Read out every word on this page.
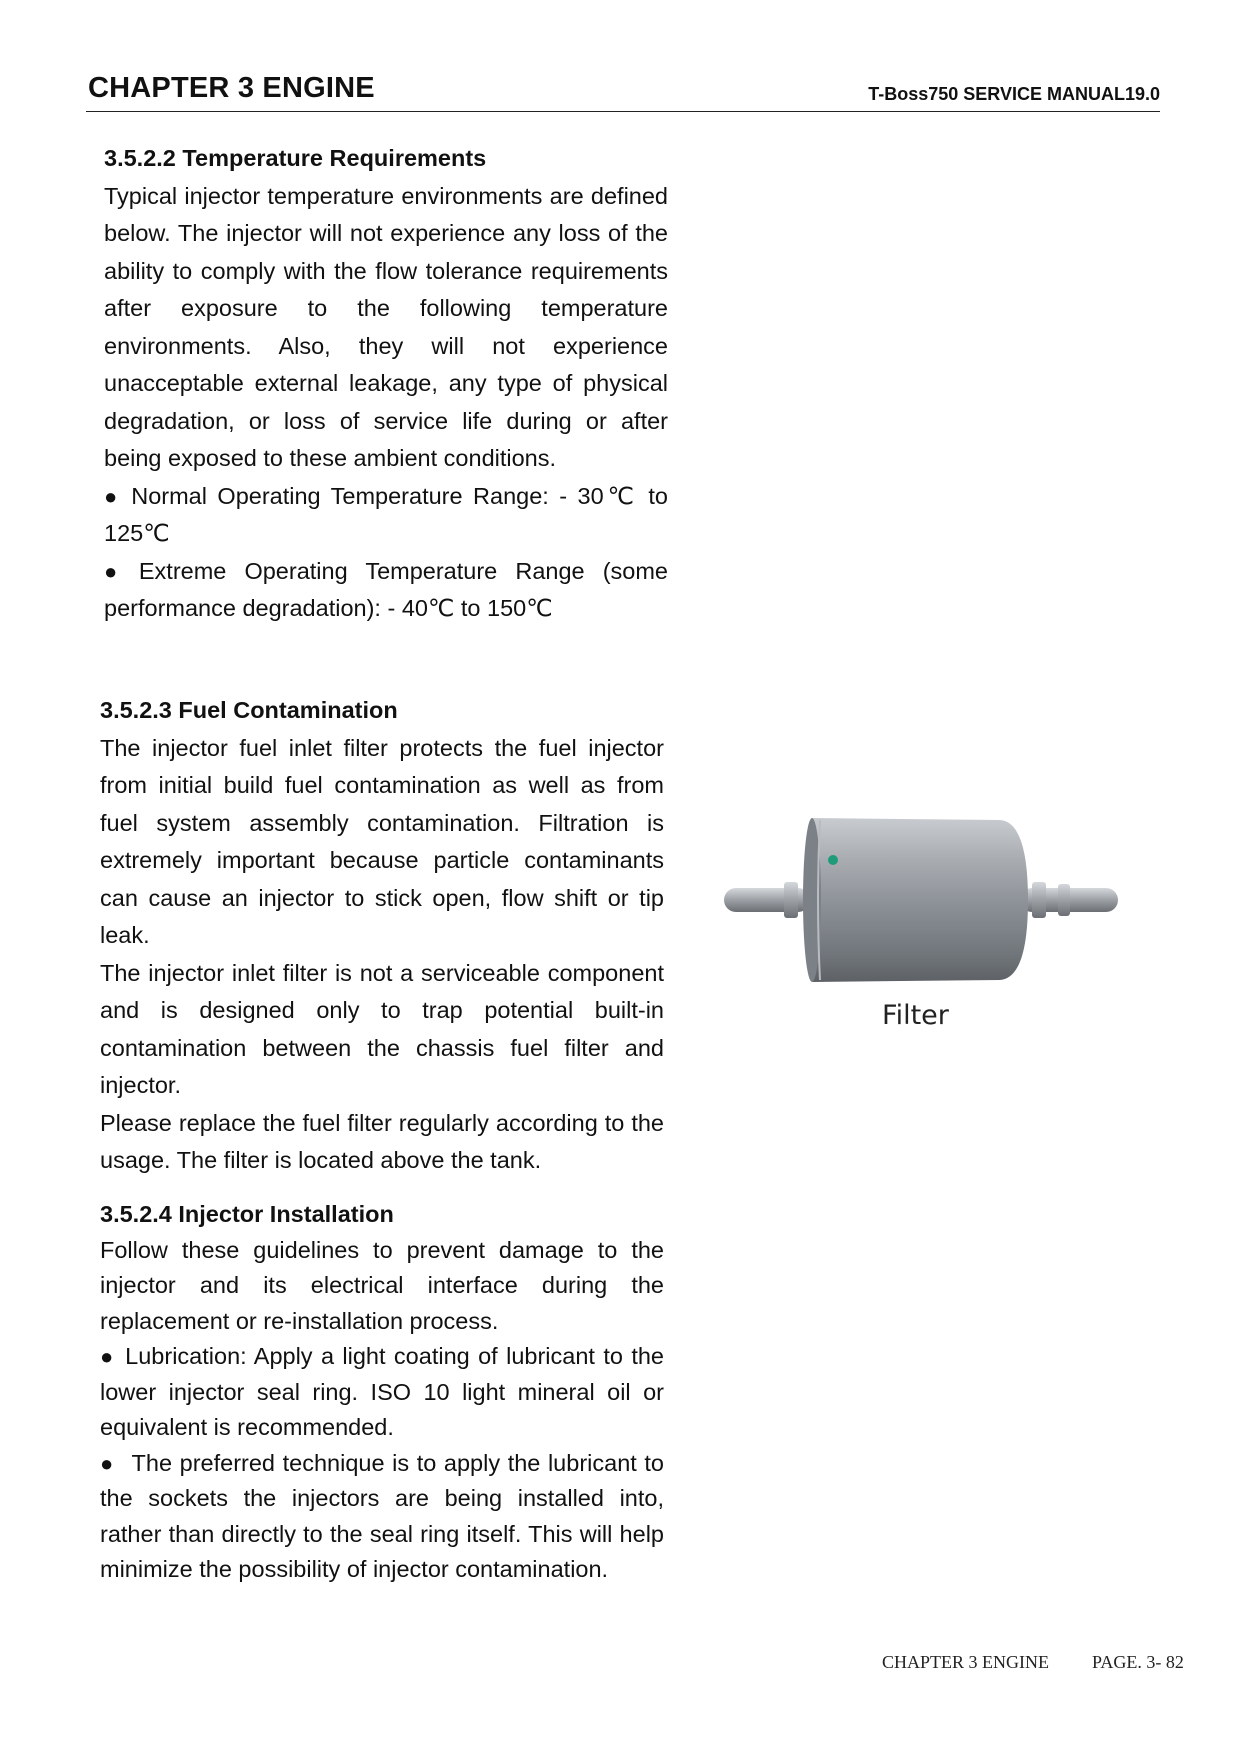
CHAPTER 3 ENGINE	T-Boss750 SERVICE MANUAL19.0

3.5.2.2 Temperature Requirements

Typical injector temperature environments are defined below. The injector will not experience any loss of the ability to comply with the flow tolerance requirements after exposure to the following temperature environments. Also, they will not experience unacceptable external leakage, any type of physical degradation, or loss of service life during or after being exposed to these ambient conditions.

● Normal Operating Temperature Range: - 30℃ to 125℃

● Extreme Operating Temperature Range (some performance degradation): - 40℃ to 150℃

3.5.2.3 Fuel Contamination

The injector fuel inlet filter protects the fuel injector from initial build fuel contamination as well as from fuel system assembly contamination. Filtration is extremely important because particle contaminants can cause an injector to stick open, flow shift or tip leak.

The injector inlet filter is not a serviceable component and is designed only to trap potential built-in contamination between the chassis fuel filter and injector.

Please replace the fuel filter regularly according to the usage. The filter is located above the tank.

3.5.2.4 Injector Installation

Follow these guidelines to prevent damage to the injector and its electrical interface during the replacement or re-installation process.

● Lubrication: Apply a light coating of lubricant to the lower injector seal ring. ISO 10 light mineral oil or equivalent is recommended.

● The preferred technique is to apply the lubricant to the sockets the injectors are being installed into, rather than directly to the seal ring itself. This will help minimize the possibility of injector contamination.

Filter
CHAPTER 3 ENGINE PAGE. 3- 82
